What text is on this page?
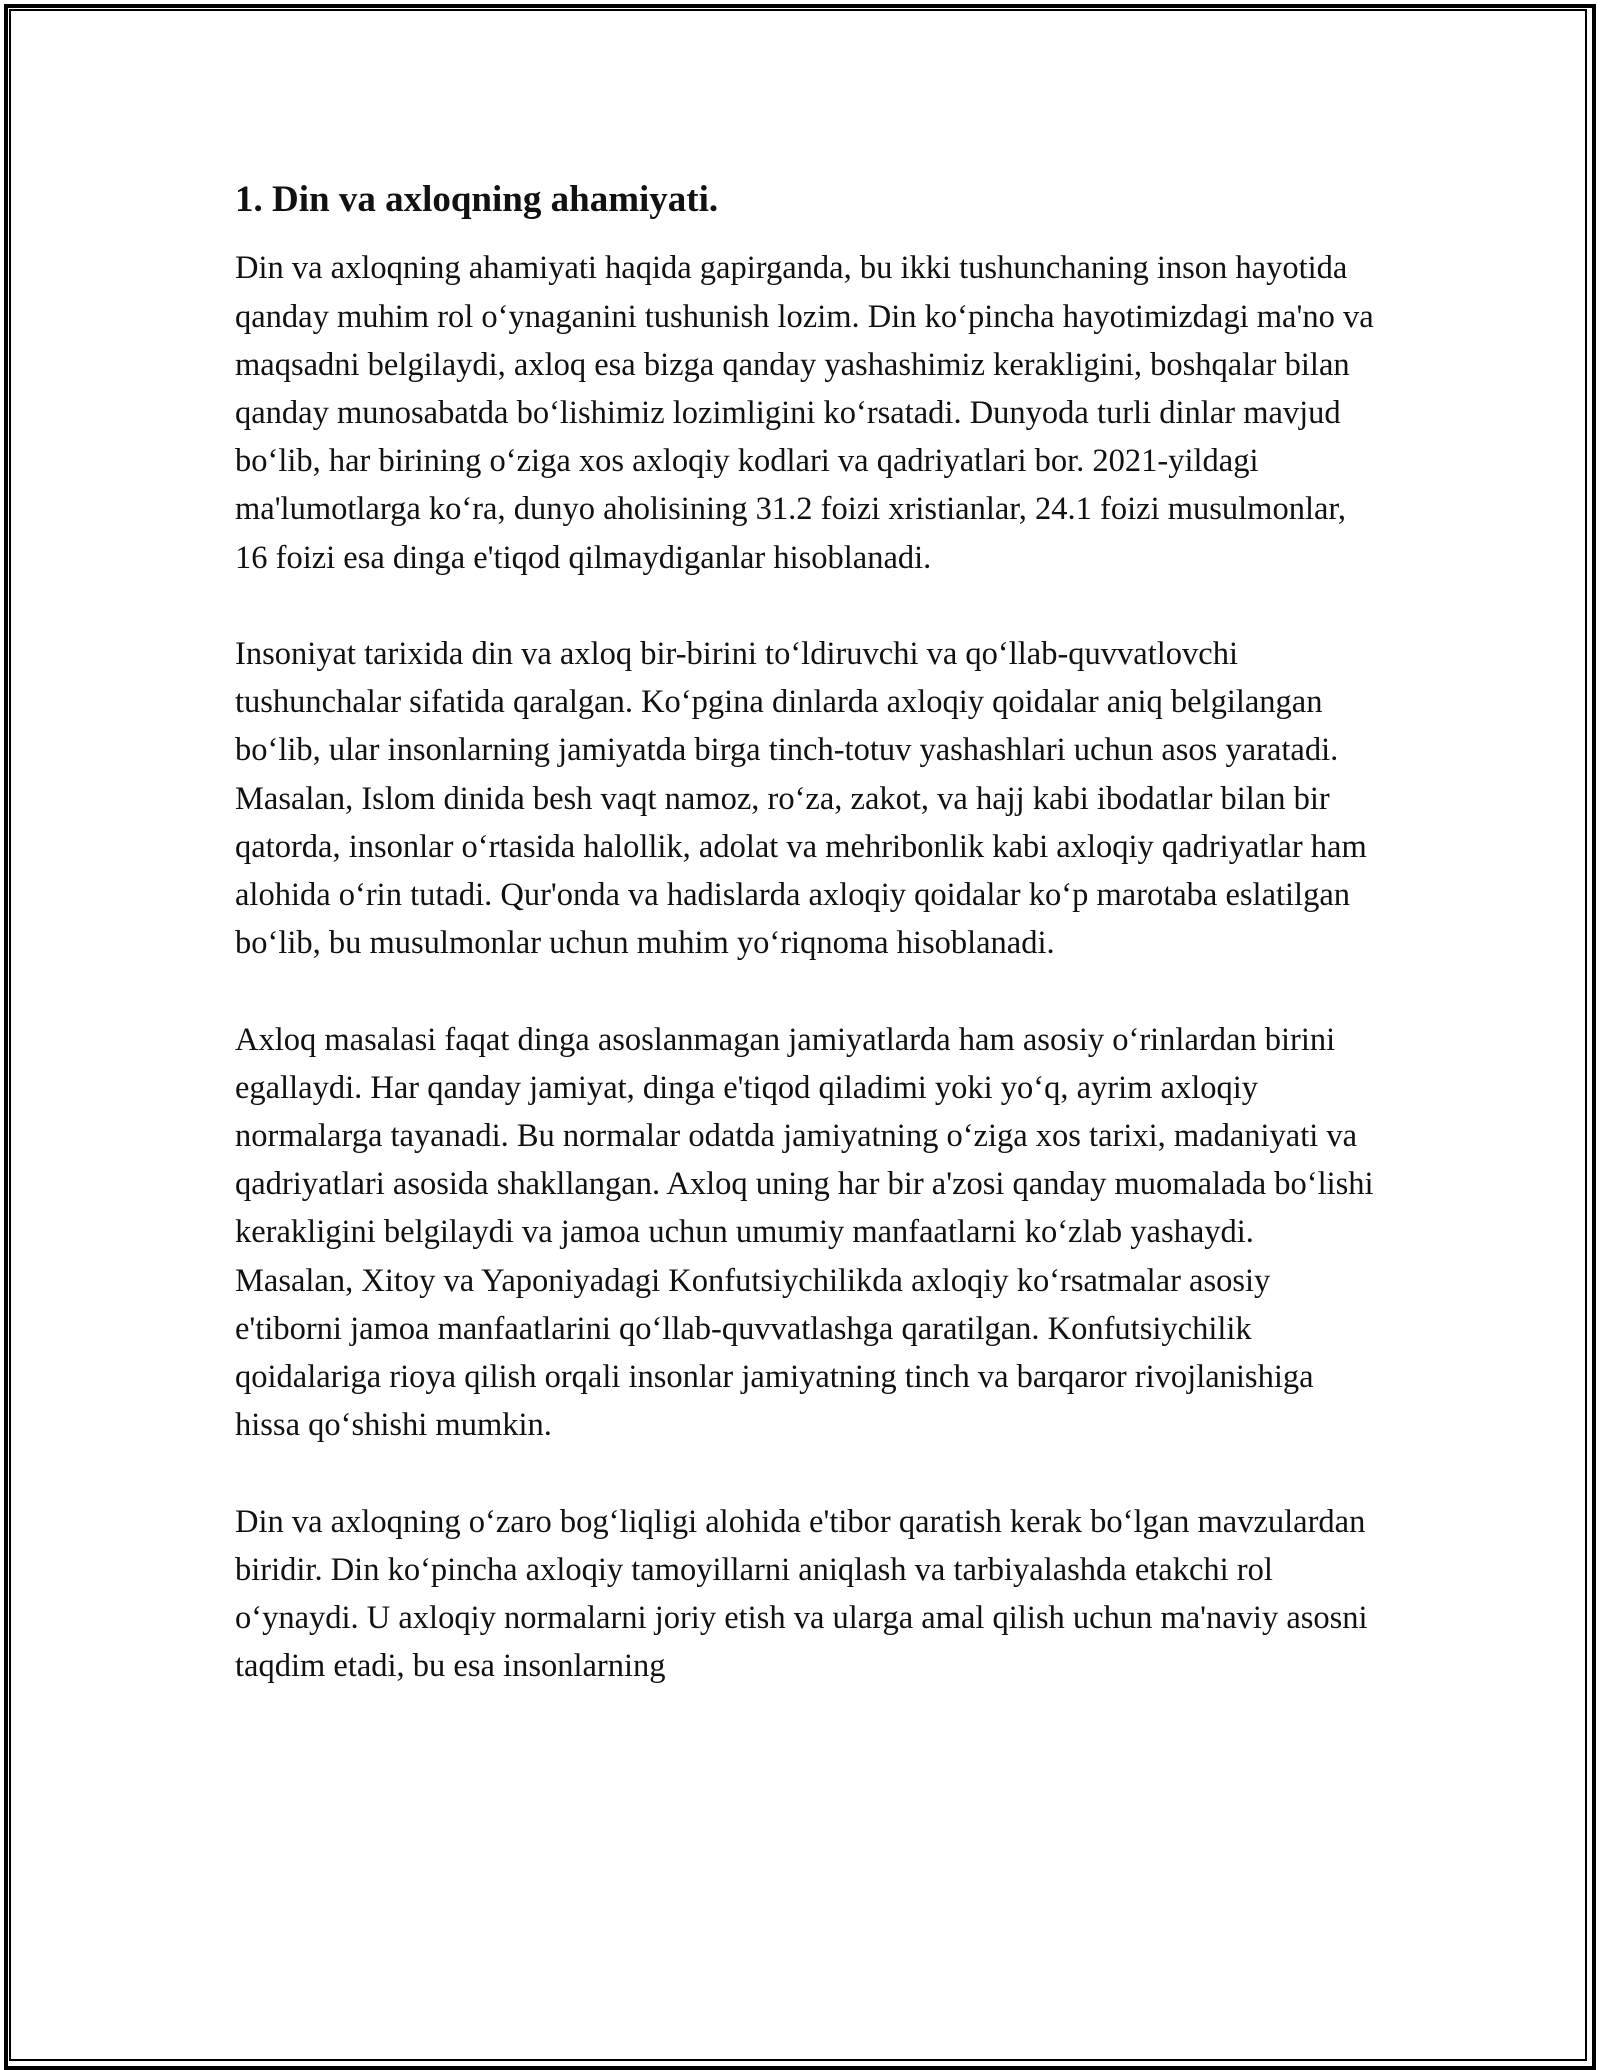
1. Din va axloqning ahamiyati.

Din va axloqning ahamiyati haqida gapirganda, bu ikki tushunchaning inson hayotida qanday muhim rol o‘ynaganini tushunish lozim. Din ko‘pincha hayotimizdagi ma'no va maqsadni belgilaydi, axloq esa bizga qanday yashashimiz kerakligini, boshqalar bilan qanday munosabatda bo‘lishimiz lozimligini ko‘rsatadi. Dunyoda turli dinlar mavjud bo‘lib, har birining o‘ziga xos axloqiy kodlari va qadriyatlari bor. 2021-yildagi ma'lumotlarga ko‘ra, dunyo aholisining 31.2 foizi xristianlar, 24.1 foizi musulmonlar, 16 foizi esa dinga e'tiqod qilmaydiganlar hisoblanadi.

Insoniyat tarixida din va axloq bir-birini to‘ldiruvchi va qo‘llab-quvvatlovchi tushunchalar sifatida qaralgan. Ko‘pgina dinlarda axloqiy qoidalar aniq belgilangan bo‘lib, ular insonlarning jamiyatda birga tinch-totuv yashashlari uchun asos yaratadi. Masalan, Islom dinida besh vaqt namoz, ro‘za, zakot, va hajj kabi ibodatlar bilan bir qatorda, insonlar o‘rtasida halollik, adolat va mehribonlik kabi axloqiy qadriyatlar ham alohida o‘rin tutadi. Qur'onda va hadislarda axloqiy qoidalar ko‘p marotaba eslatilgan bo‘lib, bu musulmonlar uchun muhim yo‘riqnoma hisoblanadi.

Axloq masalasi faqat dinga asoslanmagan jamiyatlarda ham asosiy o‘rinlardan birini egallaydi. Har qanday jamiyat, dinga e'tiqod qiladimi yoki yo‘q, ayrim axloqiy normalarga tayanadi. Bu normalar odatda jamiyatning o‘ziga xos tarixi, madaniyati va qadriyatlari asosida shakllangan. Axloq uning har bir a'zosi qanday muomalada bo‘lishi kerakligini belgilaydi va jamoa uchun umumiy manfaatlarni ko‘zlab yashaydi. Masalan, Xitoy va Yaponiyadagi Konfutsiychilikda axloqiy ko‘rsatmalar asosiy e'tiborni jamoa manfaatlarini qo‘llab-quvvatlashga qaratilgan. Konfutsiychilik qoidalariga rioya qilish orqali insonlar jamiyatning tinch va barqaror rivojlanishiga hissa qo‘shishi mumkin.

Din va axloqning o‘zaro bog‘liqligi alohida e'tibor qaratish kerak bo‘lgan mavzulardan biridir. Din ko‘pincha axloqiy tamoyillarni aniqlash va tarbiyalashda etakchi rol o‘ynaydi. U axloqiy normalarni joriy etish va ularga amal qilish uchun ma'naviy asosni taqdim etadi, bu esa insonlarning
